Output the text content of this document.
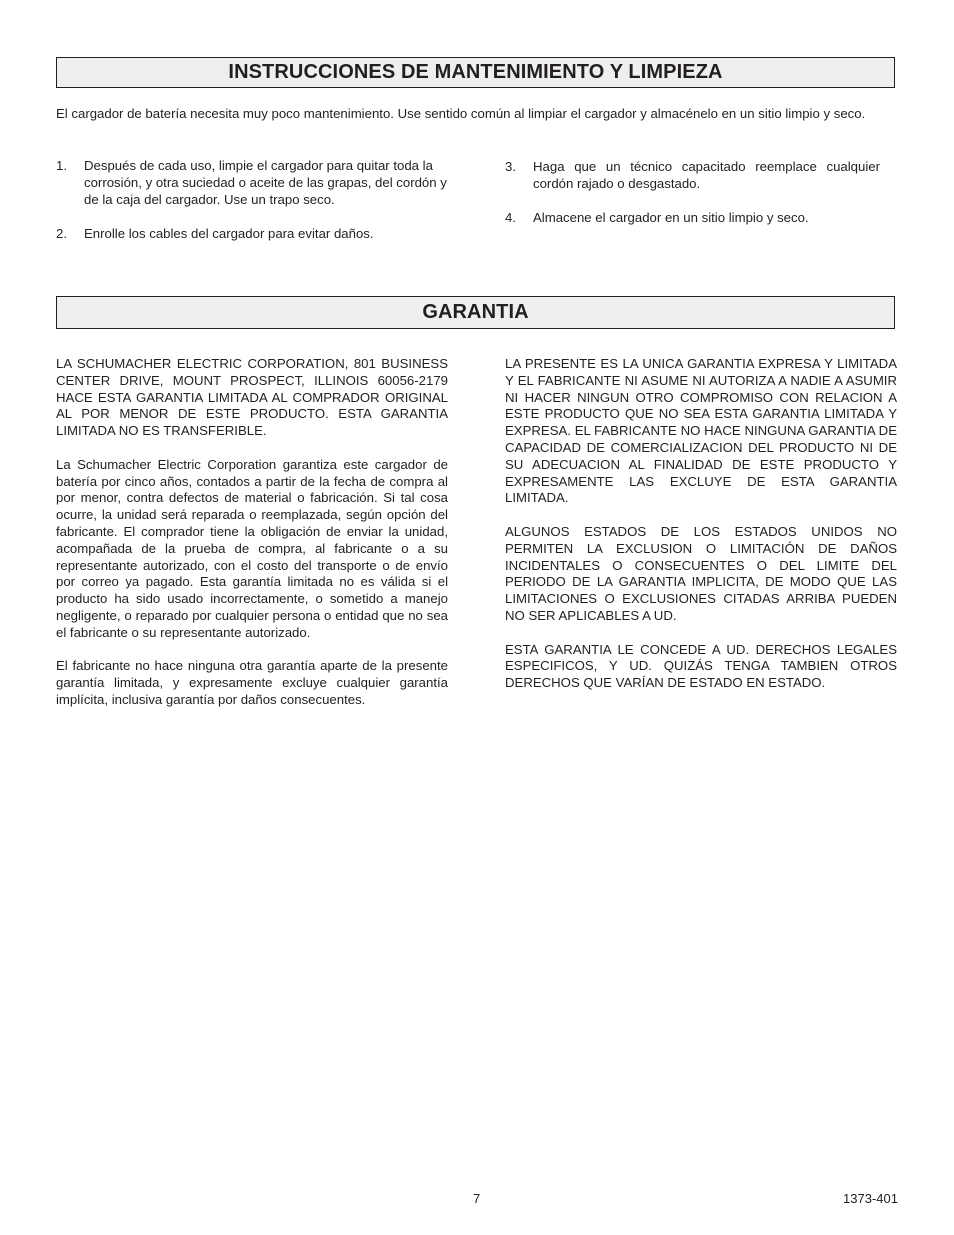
INSTRUCCIONES DE MANTENIMIENTO Y LIMPIEZA
El cargador de batería necesita muy poco mantenimiento. Use sentido común al limpiar el cargador y almacénelo en un sitio limpio y seco.
1. Después de cada uso, limpie el cargador para quitar toda la corrosión, y otra suciedad o aceite de las grapas, del cordón y de la caja del cargador. Use un trapo seco.
2. Enrolle los cables del cargador para evitar daños.
3. Haga que un técnico capacitado reemplace cualquier cordón rajado o desgastado.
4. Almacene el cargador en un sitio limpio y seco.
GARANTIA

LA SCHUMACHER ELECTRIC CORPORATION, 801 BUSINESS CENTER DRIVE, MOUNT PROSPECT, ILLINOIS 60056-2179 HACE ESTA GARANTIA LIMITADA AL COMPRADOR ORIGINAL AL POR MENOR DE ESTE PRODUCTO. ESTA GARANTIA LIMITADA NO ES TRANSFERIBLE.

La Schumacher Electric Corporation garantiza este cargador de batería por cinco años, contados a partir de la fecha de compra al por menor, contra defectos de material o fabricación. Si tal cosa ocurre, la unidad será reparada o reemplazada, según opción del fabricante. El comprador tiene la obligación de enviar la unidad, acompañada de la prueba de compra, al fabricante o a su representante autorizado, con el costo del transporte o de envío por correo ya pagado. Esta garantía limitada no es válida si el producto ha sido usado incorrectamente, o sometido a manejo negligente, o reparado por cualquier persona o entidad que no sea el fabricante o su representante autorizado.

El fabricante no hace ninguna otra garantía aparte de la presente garantía limitada, y expresamente excluye cualquier garantía implícita, inclusiva garantía por daños consecuentes.

LA PRESENTE ES LA UNICA GARANTIA EXPRESA Y LIMITADA Y EL FABRICANTE NI ASUME NI AUTORIZA A NADIE A ASUMIR NI HACER NINGUN OTRO COMPROMISO CON RELACION A ESTE PRODUCTO QUE NO SEA ESTA GARANTIA LIMITADA Y EXPRESA. EL FABRICANTE NO HACE NINGUNA GARANTIA DE CAPACIDAD DE COMERCIALIZACION DEL PRODUCTO NI DE SU ADECUACION AL FINALIDAD DE ESTE PRODUCTO Y EXPRESAMENTE LAS EXCLUYE DE ESTA GARANTIA LIMITADA.

ALGUNOS ESTADOS DE LOS ESTADOS UNIDOS NO PERMITEN LA EXCLUSION O LIMITACIÓN DE DAÑOS INCIDENTALES O CONSECUENTES O DEL LIMITE DEL PERIODO DE LA GARANTIA IMPLICITA, DE MODO QUE LAS LIMITACIONES O EXCLUSIONES CITADAS ARRIBA PUEDEN NO SER APLICABLES A UD.

ESTA GARANTIA LE CONCEDE A UD. DERECHOS LEGALES ESPECIFICOS, Y UD. QUIZÁS TENGA TAMBIEN OTROS DERECHOS QUE VARÍAN DE ESTADO EN ESTADO.

7	1373-401
